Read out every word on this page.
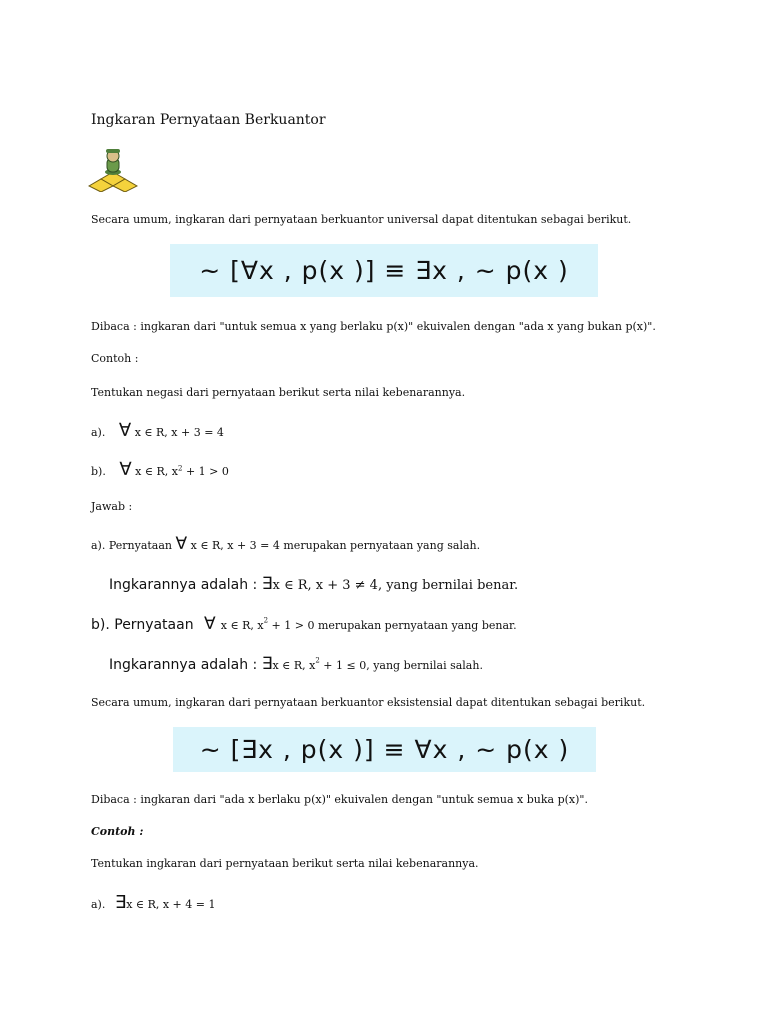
Ingkaran Pernyataan Berkuantor
Secara umum, ingkaran dari pernyataan berkuantor universal dapat ditentukan sebagai berikut.
~ [∀x , p(x )] ≡ ∃x , ~ p(x )
Dibaca : ingkaran dari "untuk semua x yang berlaku p(x)" ekuivalen dengan "ada x yang bukan p(x)".
Contoh :
Tentukan negasi dari pernyataan berikut serta nilai kebenarannya.
a). ∀ x ∈ R, x + 3 = 4
b). ∀ x ∈ R, $x^2 + 1 > 0$
Jawab :
a). Pernyataan ∀ x ∈ R, x + 3 = 4 merupakan pernyataan yang salah.
Ingkarannya adalah : ∃x ∈ R, x + 3 ≠ 4, yang bernilai benar.
b). Pernyataan ∀ x ∈ R, $x^2 + 1 > 0$ merupakan pernyataan yang benar.
Ingkarannya adalah : ∃x ∈ R, $x^2 + 1 \le 0$, yang bernilai salah.
Secara umum, ingkaran dari pernyataan berkuantor eksistensial dapat ditentukan sebagai berikut.
~ [∃x , p(x )] ≡ ∀x , ~ p(x )
Dibaca : ingkaran dari "ada x berlaku p(x)" ekuivalen dengan "untuk semua x buka p(x)".
Contoh :
Tentukan ingkaran dari pernyataan berikut serta nilai kebenarannya.
a). ∃x ∈ R, x + 4 = 1
